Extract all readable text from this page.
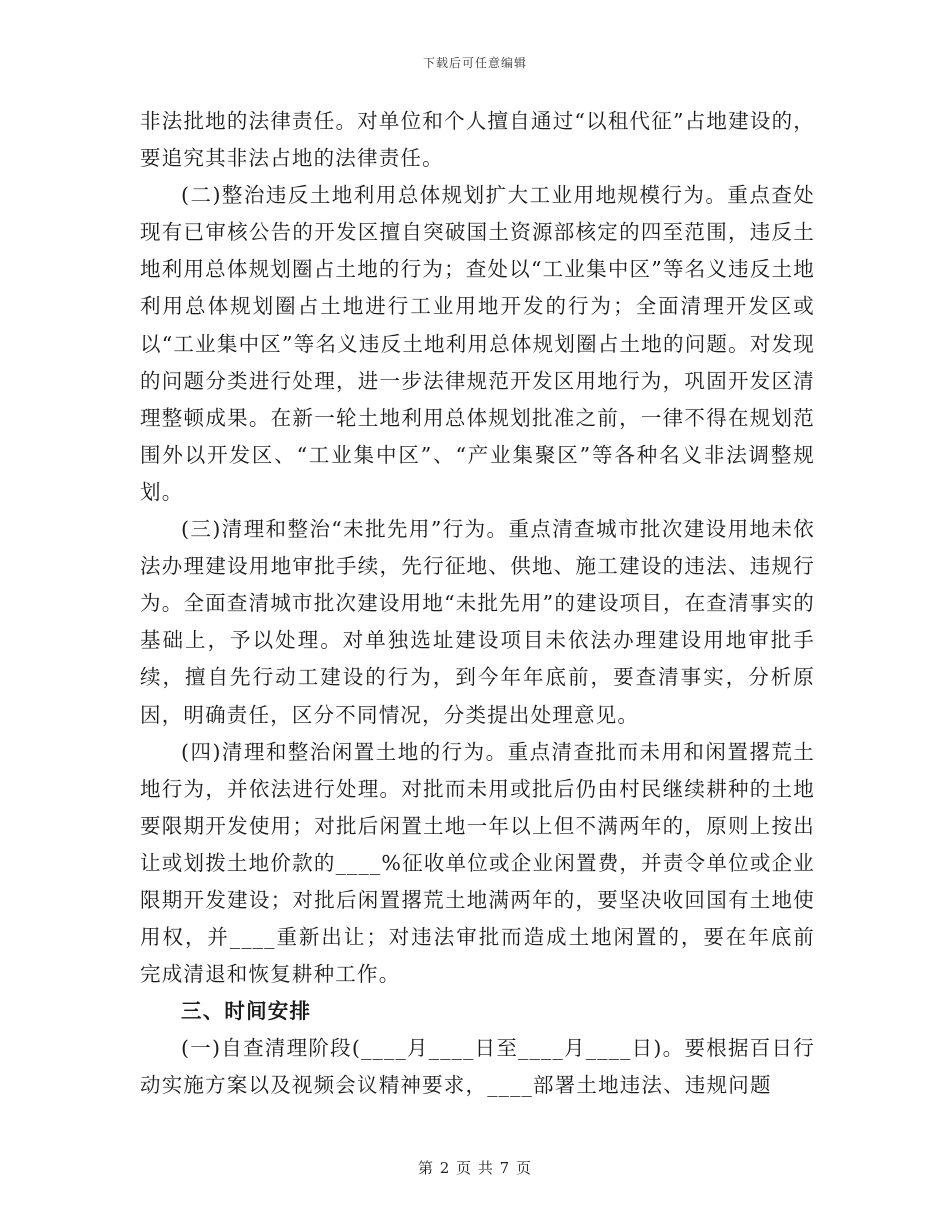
下载后可任意编辑

非法批地的法律责任。对单位和个人擅自通过“以租代征”占地建设的，要追究其非法占地的法律责任。

(二)整治违反土地利用总体规划扩大工业用地规模行为。重点查处现有已审核公告的开发区擅自突破国土资源部核定的四至范围，违反土地利用总体规划圈占土地的行为；查处以“工业集中区”等名义违反土地利用总体规划圈占土地进行工业用地开发的行为；全面清理开发区或以“工业集中区”等名义违反土地利用总体规划圈占土地的问题。对发现的问题分类进行处理，进一步法律规范开发区用地行为，巩固开发区清理整顿成果。在新一轮土地利用总体规划批准之前，一律不得在规划范围外以开发区、“工业集中区”、“产业集聚区”等各种名义非法调整规划。

(三)清理和整治“未批先用”行为。重点清查城市批次建设用地未依法办理建设用地审批手续，先行征地、供地、施工建设的违法、违规行为。全面查清城市批次建设用地“未批先用”的建设项目，在查清事实的基础上，予以处理。对单独选址建设项目未依法办理建设用地审批手续，擅自先行动工建设的行为，到今年年底前，要查清事实，分析原因，明确责任，区分不同情况，分类提出处理意见。

(四)清理和整治闲置土地的行为。重点清查批而未用和闲置撂荒土地行为，并依法进行处理。对批而未用或批后仍由村民继续耕种的土地要限期开发使用；对批后闲置土地一年以上但不满两年的，原则上按出让或划拨土地价款的____%征收单位或企业闲置费，并责令单位或企业限期开发建设；对批后闲置撂荒土地满两年的，要坚决收回国有土地使用权，并____重新出让；对违法审批而造成土地闲置的，要在年底前完成清退和恢复耕种工作。

三、时间安排

(一)自查清理阶段(____月____日至____月____日)。要根据百日行动实施方案以及视频会议精神要求，____部署土地违法、违规问题

第 2 页 共 7 页
